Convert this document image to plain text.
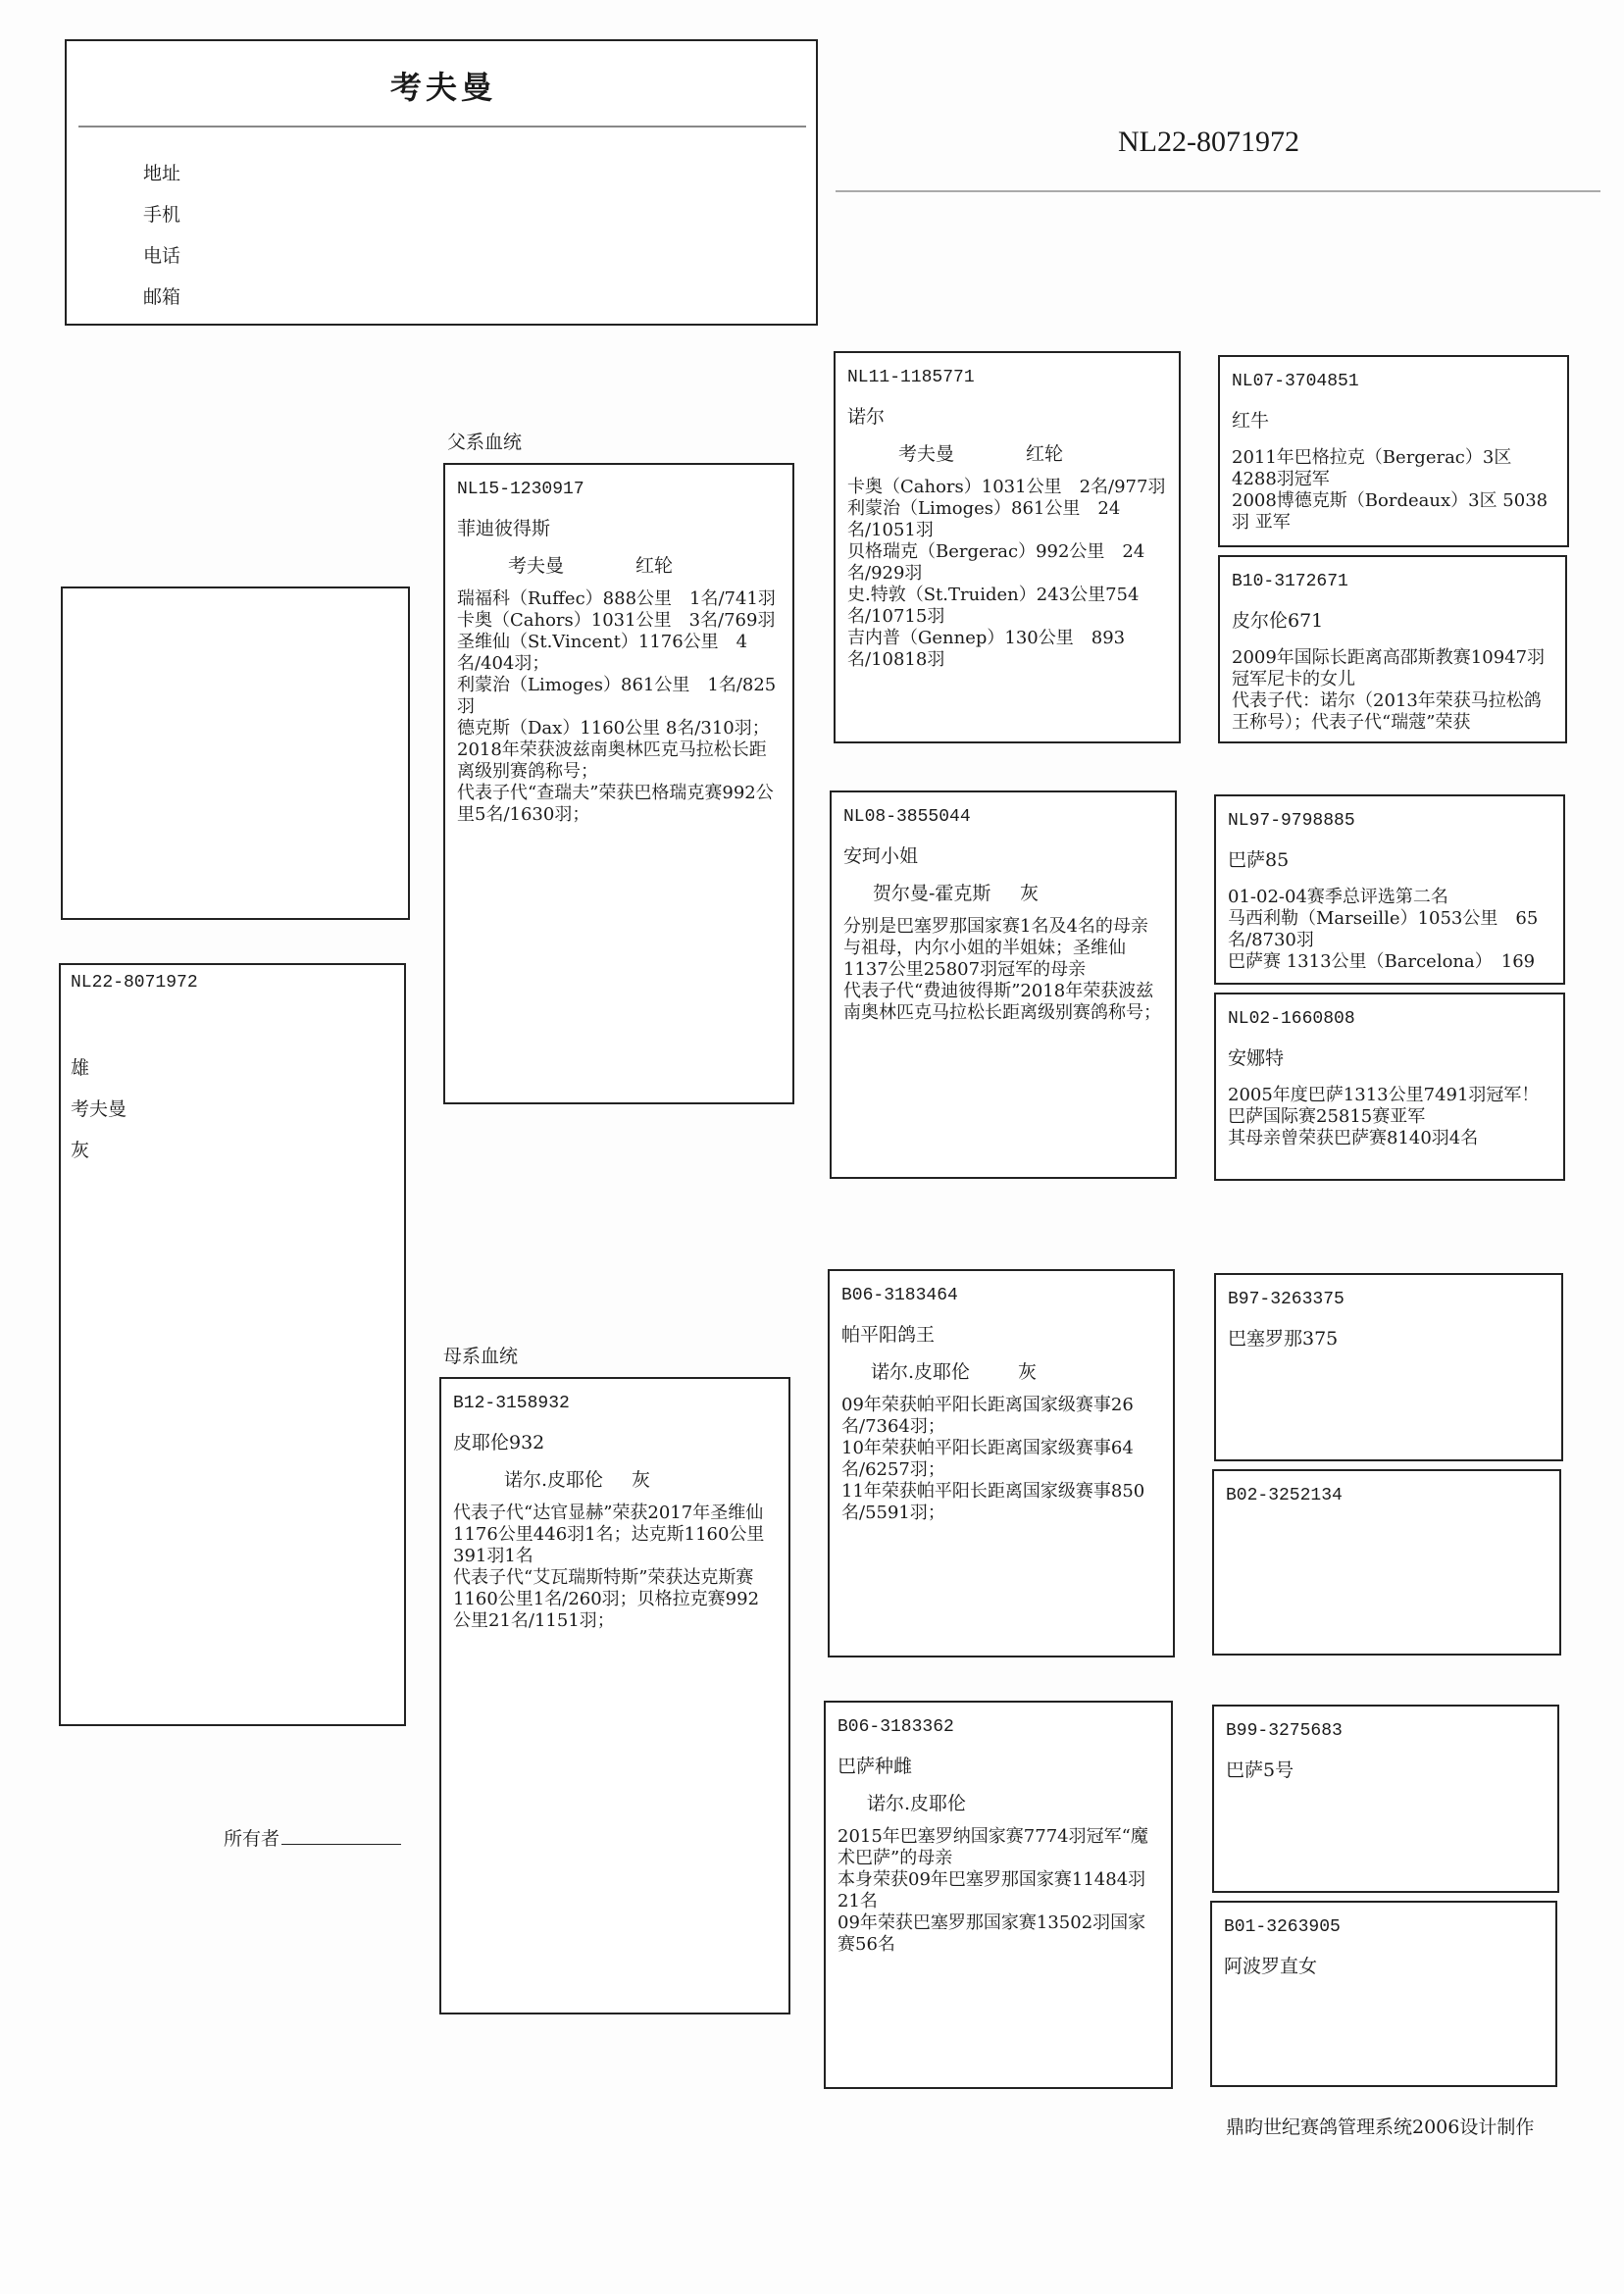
考夫曼
地址
手机
电话
邮箱
NL22-8071972
NL22-8071972
雄
考夫曼
灰
所有者
父系血统
母系血统
NL15-1230917
菲迪彼得斯
考夫曼	红轮

瑞福科（Ruffec）888公里　1名/741羽

卡奥（Cahors）1031公里　3名/769羽

圣维仙（St.Vincent）1176公里　4名/404羽；

利蒙治（Limoges）861公里　1名/825羽

德克斯（Dax）1160公里 8名/310羽；

2018年荣获波兹南奥林匹克马拉松长距离级别赛鸽称号；

代表子代“查瑞夫”荣获巴格瑞克赛992公里5名/1630羽；

B12-3158932
皮耶伦932
诺尔.皮耶伦 灰

代表子代“达官显赫”荣获2017年圣维仙1176公里446羽1名；达克斯1160公里391羽1名

代表子代“艾瓦瑞斯特斯”荣获达克斯赛1160公里1名/260羽；贝格拉克赛992公里21名/1151羽；

NL11-1185771
诺尔
考夫曼	红轮

卡奥（Cahors）1031公里　2名/977羽

利蒙治（Limoges）861公里　24名/1051羽

贝格瑞克（Bergerac）992公里　24名/929羽

史.特敦（St.Truiden）243公里754名/10715羽

吉内普（Gennep）130公里　893名/10818羽

NL08-3855044
安珂小姐
贺尔曼-霍克斯 灰

分别是巴塞罗那国家赛1名及4名的母亲与祖母，内尔小姐的半姐妹；圣维仙1137公里25807羽冠军的母亲

代表子代“费迪彼得斯”2018年荣获波兹南奥林匹克马拉松长距离级别赛鸽称号；

B06-3183464
帕平阳鸽王
诺尔.皮耶伦	灰

09年荣获帕平阳长距离国家级赛事26名/7364羽；

10年荣获帕平阳长距离国家级赛事64名/6257羽；

11年荣获帕平阳长距离国家级赛事850名/5591羽；

B06-3183362
巴萨种雌
诺尔.皮耶伦

2015年巴塞罗纳国家赛7774羽冠军“魔术巴萨”的母亲

本身荣获09年巴塞罗那国家赛11484羽21名

09年荣获巴塞罗那国家赛13502羽国家赛56名

NL07-3704851
红牛

2011年巴格拉克（Bergerac）3区4288羽冠军

2008博德克斯（Bordeaux）3区 5038羽 亚军

B10-3172671
皮尔伦671

2009年国际长距离高邵斯教赛10947羽冠军尼卡的女儿

代表子代：诺尔（2013年荣获马拉松鸽王称号）；代表子代“瑞蔻”荣获

NL97-9798885
巴萨85

01-02-04赛季总评选第二名

马西利勒（Marseille）1053公里　65名/8730羽

巴萨赛 1313公里（Barcelona）　169

NL02-1660808
安娜特

2005年度巴萨1313公里7491羽冠军！

巴萨国际赛25815赛亚军

其母亲曾荣获巴萨赛8140羽4名

B97-3263375
巴塞罗那375
B02-3252134
B99-3275683
巴萨5号
B01-3263905
阿波罗直女
鼎昀世纪赛鸽管理系统2006设计制作
